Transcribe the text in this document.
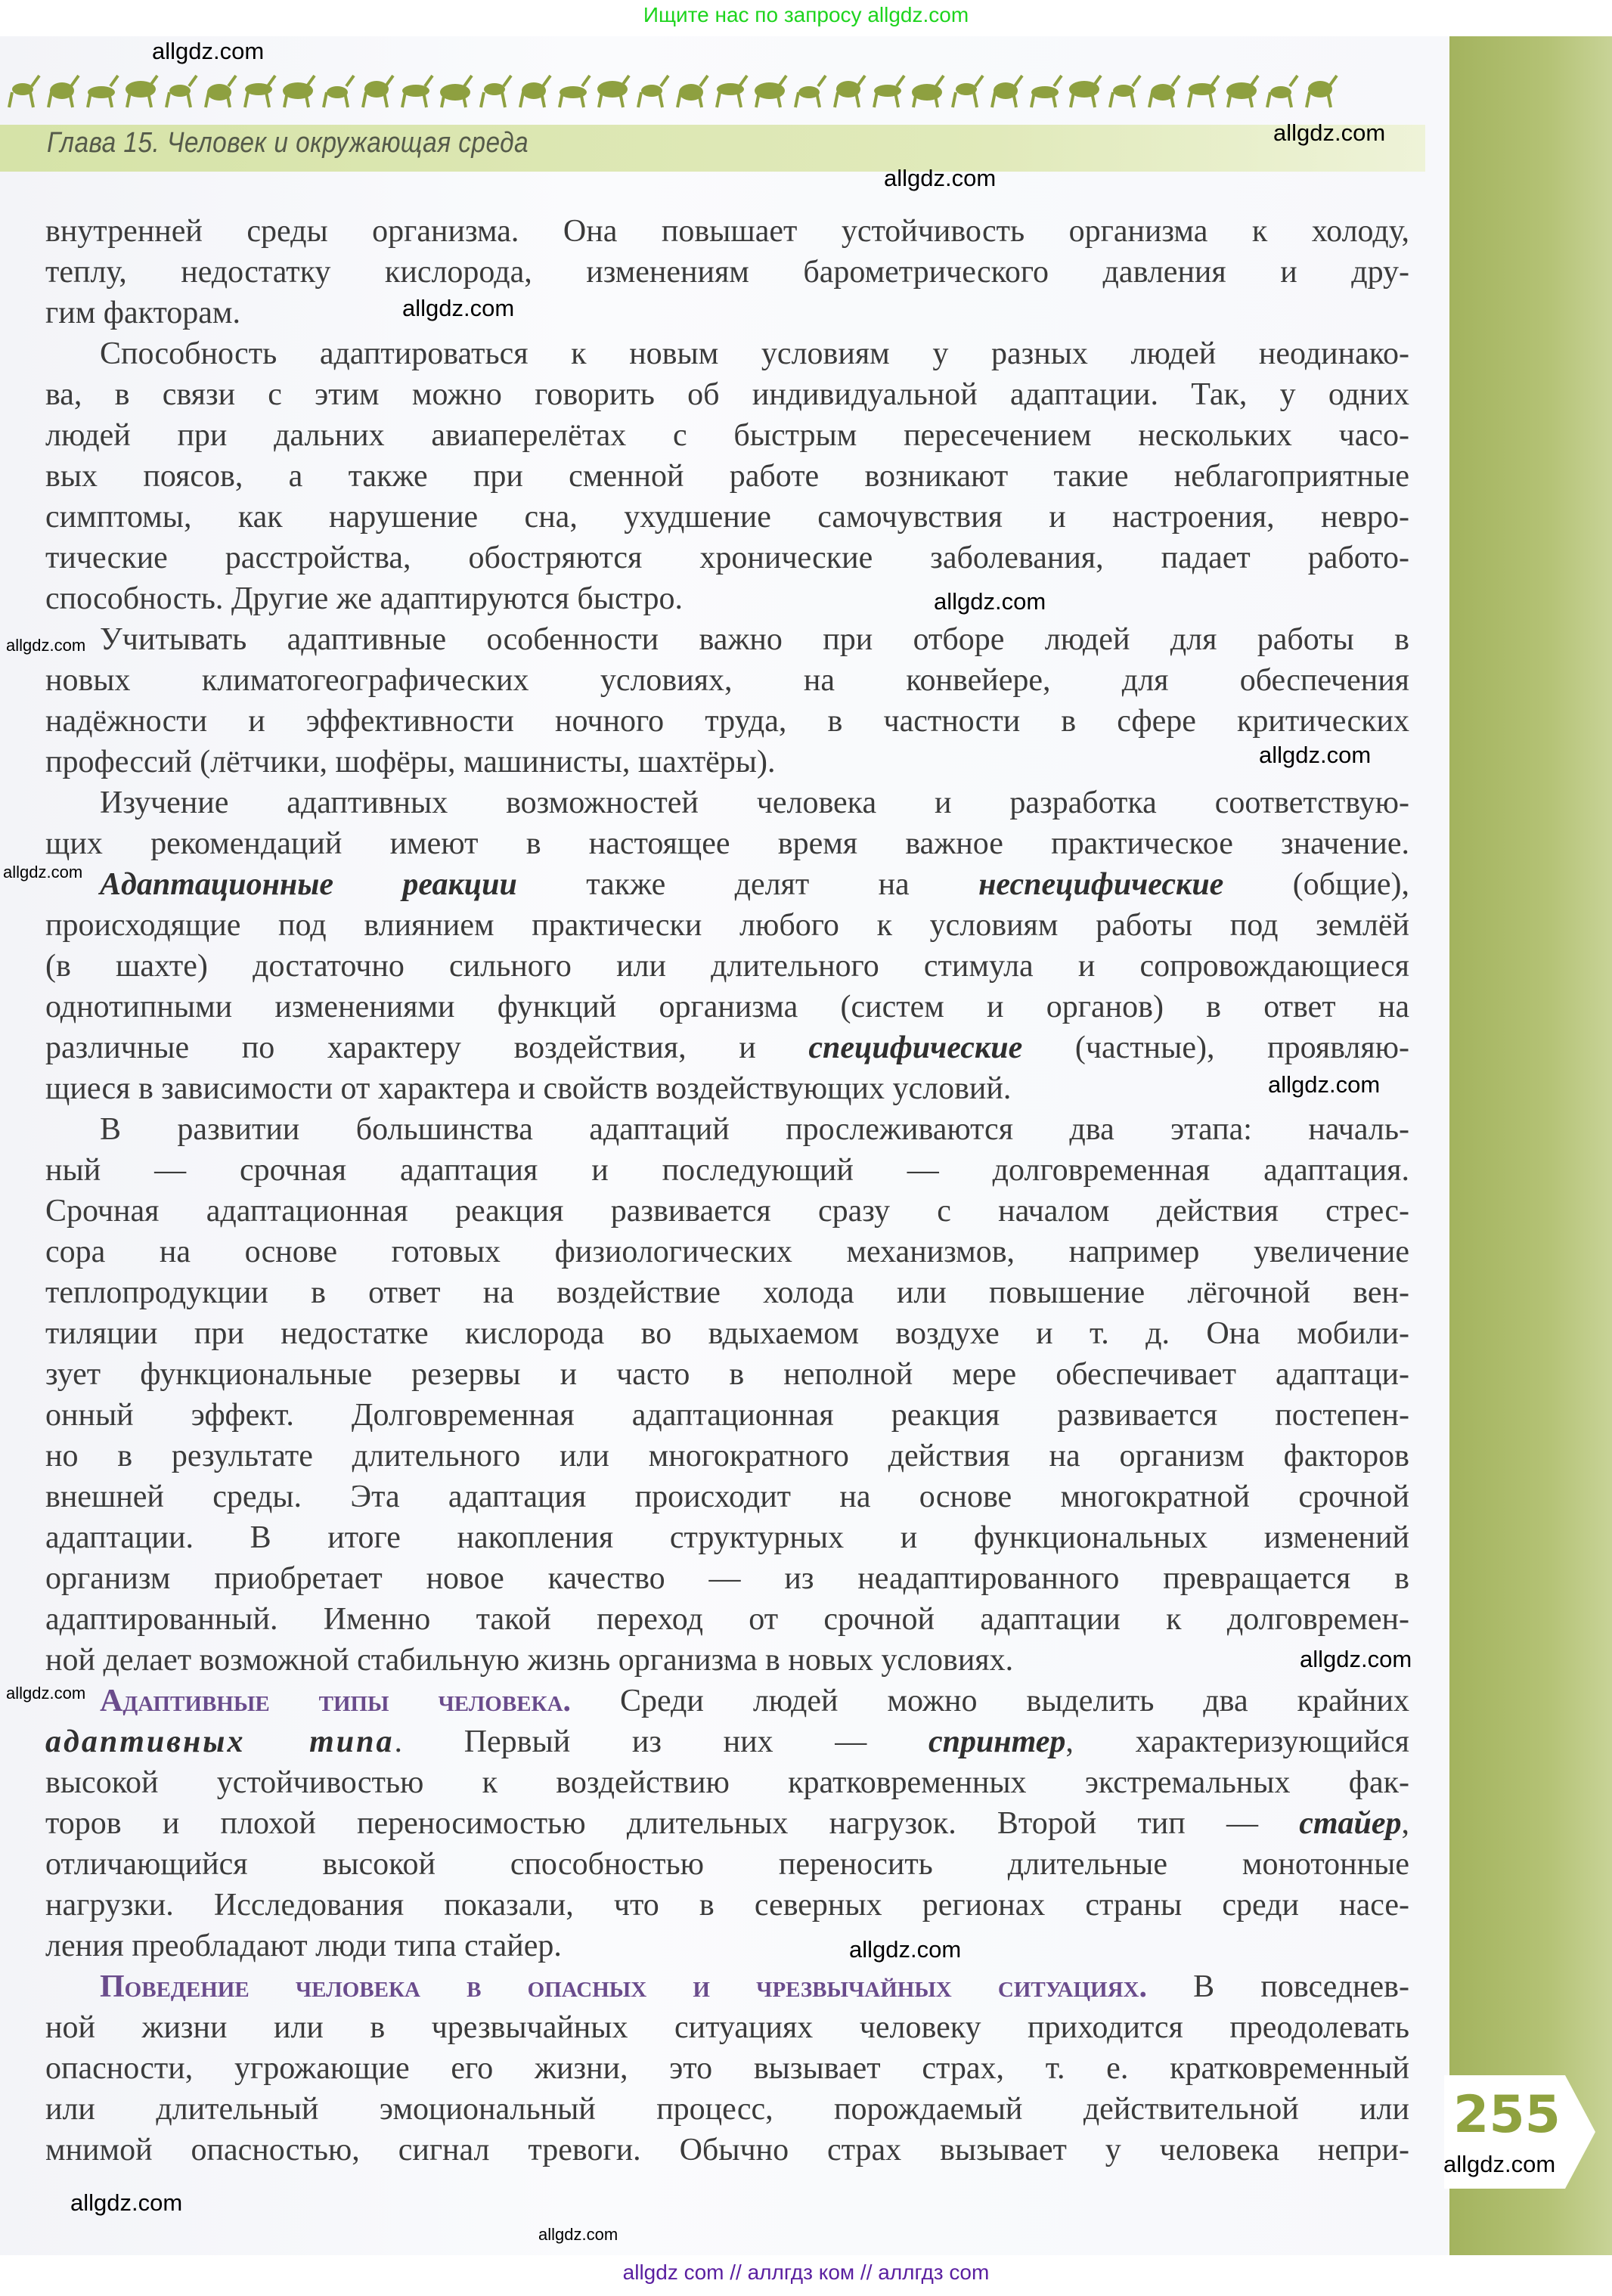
Ищите нас по запросу allgdz.com
Глава 15. Человек и окружающая среда
внутренней среды организма. Она повышает устойчивость организма к холоду,
теплу, недостатку кислорода, изменениям барометрического давления и дру-
гим факторам.
Способность адаптироваться к новым условиям у разных людей неодинако-
ва, в связи с этим можно говорить об индивидуальной адаптации. Так, у одних
людей при дальних авиаперелётах с быстрым пересечением нескольких часо-
вых поясов, а также при сменной работе возникают такие неблагоприятные
симптомы, как нарушение сна, ухудшение самочувствия и настроения, невро-
тические расстройства, обостряются хронические заболевания, падает работо-
способность. Другие же адаптируются быстро.
Учитывать адаптивные особенности важно при отборе людей для работы в
новых климатогеографических условиях, на конвейере, для обеспечения
надёжности и эффективности ночного труда, в частности в сфере критических
профессий (лётчики, шофёры, машинисты, шахтёры).
Изучение адаптивных возможностей человека и разработка соответствую-
щих рекомендаций имеют в настоящее время важное практическое значение.
Адаптационные реакции также делят на неспецифические (общие),
происходящие под влиянием практически любого к условиям работы под землёй
(в шахте) достаточно сильного или длительного стимула и сопровождающиеся
однотипными изменениями функций организма (систем и органов) в ответ на
различные по характеру воздействия, и специфические (частные), проявляю-
щиеся в зависимости от характера и свойств воздействующих условий.
В развитии большинства адаптаций прослеживаются два этапа: началь-
ный — срочная адаптация и последующий — долговременная адаптация.
Срочная адаптационная реакция развивается сразу с началом действия стрес-
сора на основе готовых физиологических механизмов, например увеличение
теплопродукции в ответ на воздействие холода или повышение лёгочной вен-
тиляции при недостатке кислорода во вдыхаемом воздухе и т. д. Она мобили-
зует функциональные резервы и часто в неполной мере обеспечивает адаптаци-
онный эффект. Долговременная адаптационная реакция развивается постепен-
но в результате длительного или многократного действия на организм факторов
внешней среды. Эта адаптация происходит на основе многократной срочной
адаптации. В итоге накопления структурных и функциональных изменений
организм приобретает новое качество — из неадаптированного превращается в
адаптированный. Именно такой переход от срочной адаптации к долговремен-
ной делает возможной стабильную жизнь организма в новых условиях.
Адаптивные типы человека. Среди людей можно выделить два крайних
адаптивных типа. Первый из них — спринтер, характеризующийся
высокой устойчивостью к воздействию кратковременных экстремальных фак-
торов и плохой переносимостью длительных нагрузок. Второй тип — стайер,
отличающийся высокой способностью переносить длительные монотонные
нагрузки. Исследования показали, что в северных регионах страны среди насе-
ления преобладают люди типа стайер.
Поведение человека в опасных и чрезвычайных ситуациях. В повседнев-
ной жизни или в чрезвычайных ситуациях человеку приходится преодолевать
опасности, угрожающие его жизни, это вызывает страх, т. е. кратковременный
или длительный эмоциональный процесс, порождаемый действительной или
мнимой опасностью, сигнал тревоги. Обычно страх вызывает у человека непри-
255
allgdz.com
allgdz.com
allgdz.com
allgdz.com
allgdz.com
allgdz.com
allgdz.com
allgdz.com
allgdz.com
allgdz.com
allgdz.com
allgdz.com
allgdz.com
allgdz.com
allgdz.com
allgdz com // аллгдз ком // аллгдз com
